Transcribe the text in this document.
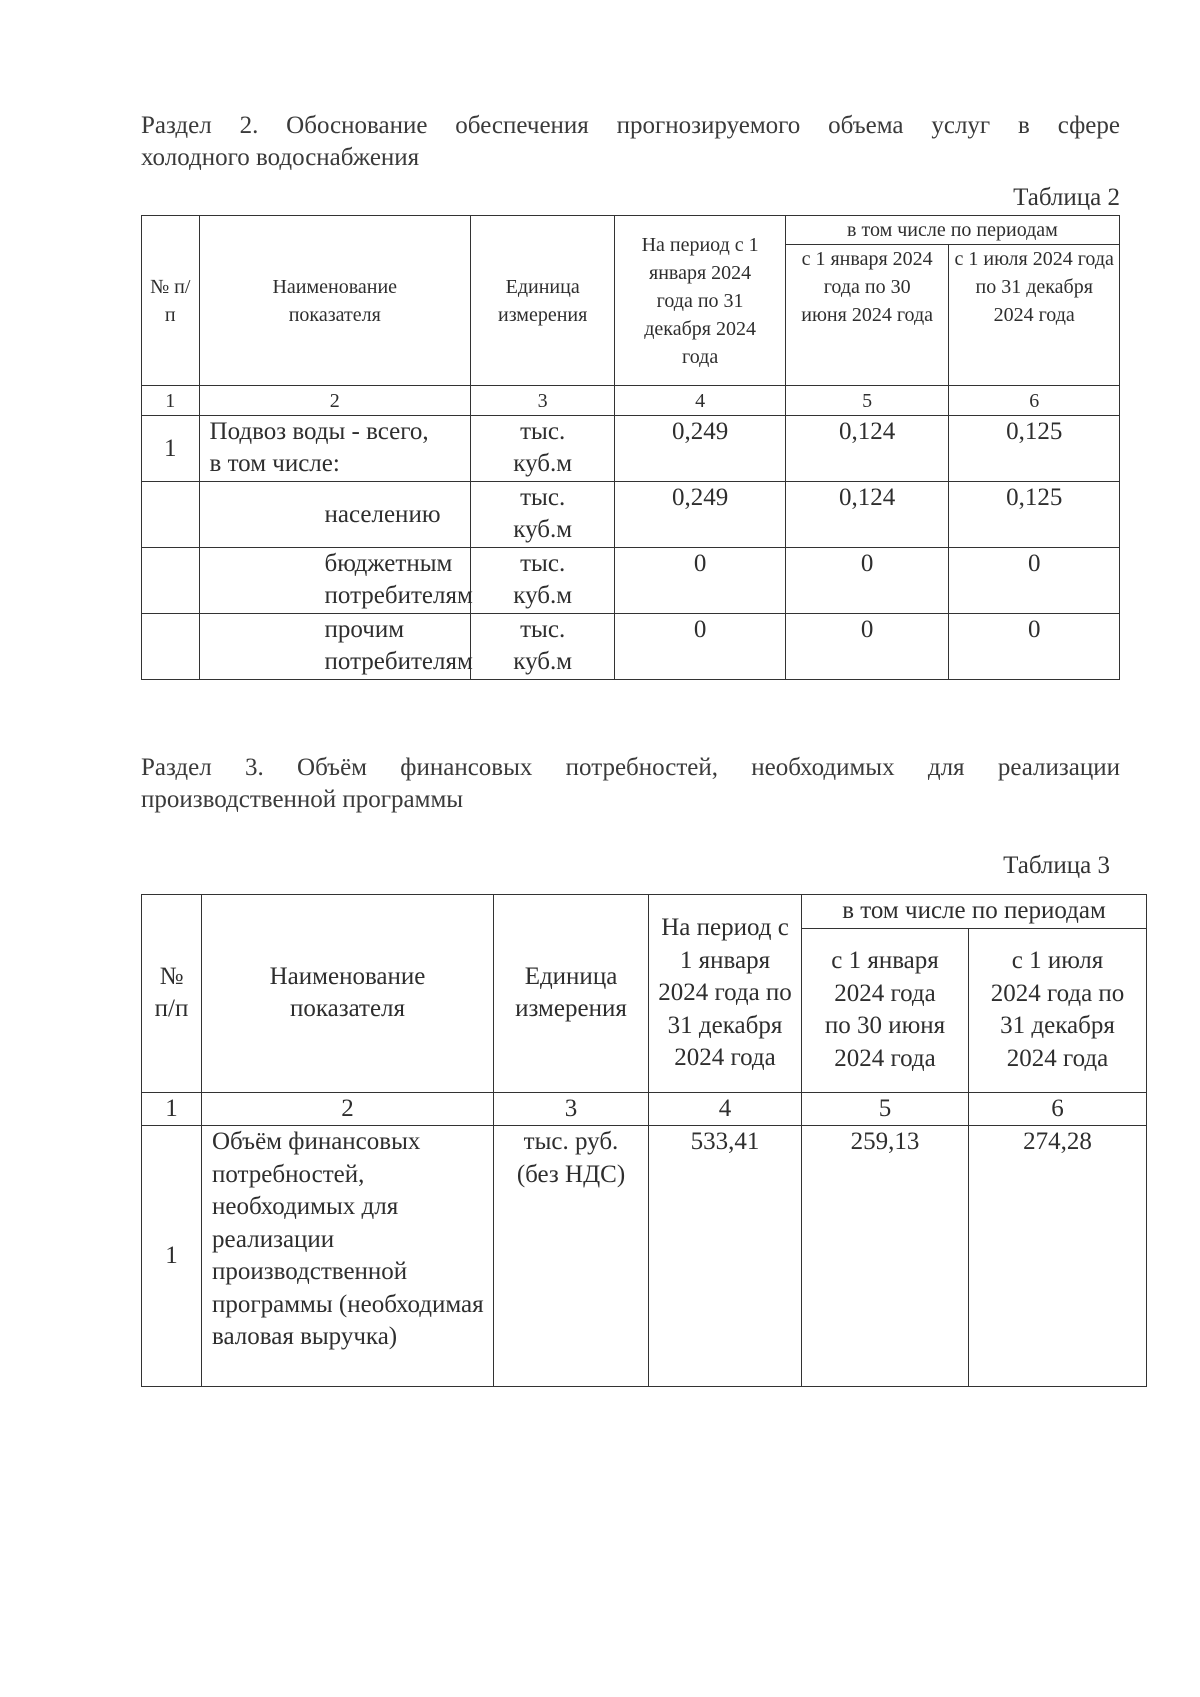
Раздел 2. Обоснование обеспечения прогнозируемого объема услуг в сфере
холодного водоснабжения
Таблица 2
№ п/п	Наименование показателя	Единица измерения	На период с 1 января 2024 года по 31 декабря 2024 года	в том числе по периодам	
				с 1 января 2024 года по 30 июня 2024 года	с 1 июля 2024 года по 31 декабря 2024 года
1	2	3	4	5	6
1	Подвоз воды - всего, в том числе:	тыс. куб.м	0,249	0,124	0,125
	населению	тыс. куб.м	0,249	0,124	0,125
	бюджетным потребителям	тыс. куб.м	0	0	0
	прочим потребителям	тыс. куб.м	0	0	0
Раздел 3. Объём финансовых потребностей, необходимых для реализации
производственной программы
Таблица 3
№ п/п	Наименование показателя	Единица измерения	На период с 1 января 2024 года по 31 декабря 2024 года	в том числе по периодам	
				с 1 января 2024 года по 30 июня 2024 года	с 1 июля 2024 года по 31 декабря 2024 года
1	2	3	4	5	6
1	Объём финансовых потребностей, необходимых для реализации производственной программы (необходимая валовая выручка)	тыс. руб. (без НДС)	533,41	259,13	274,28
